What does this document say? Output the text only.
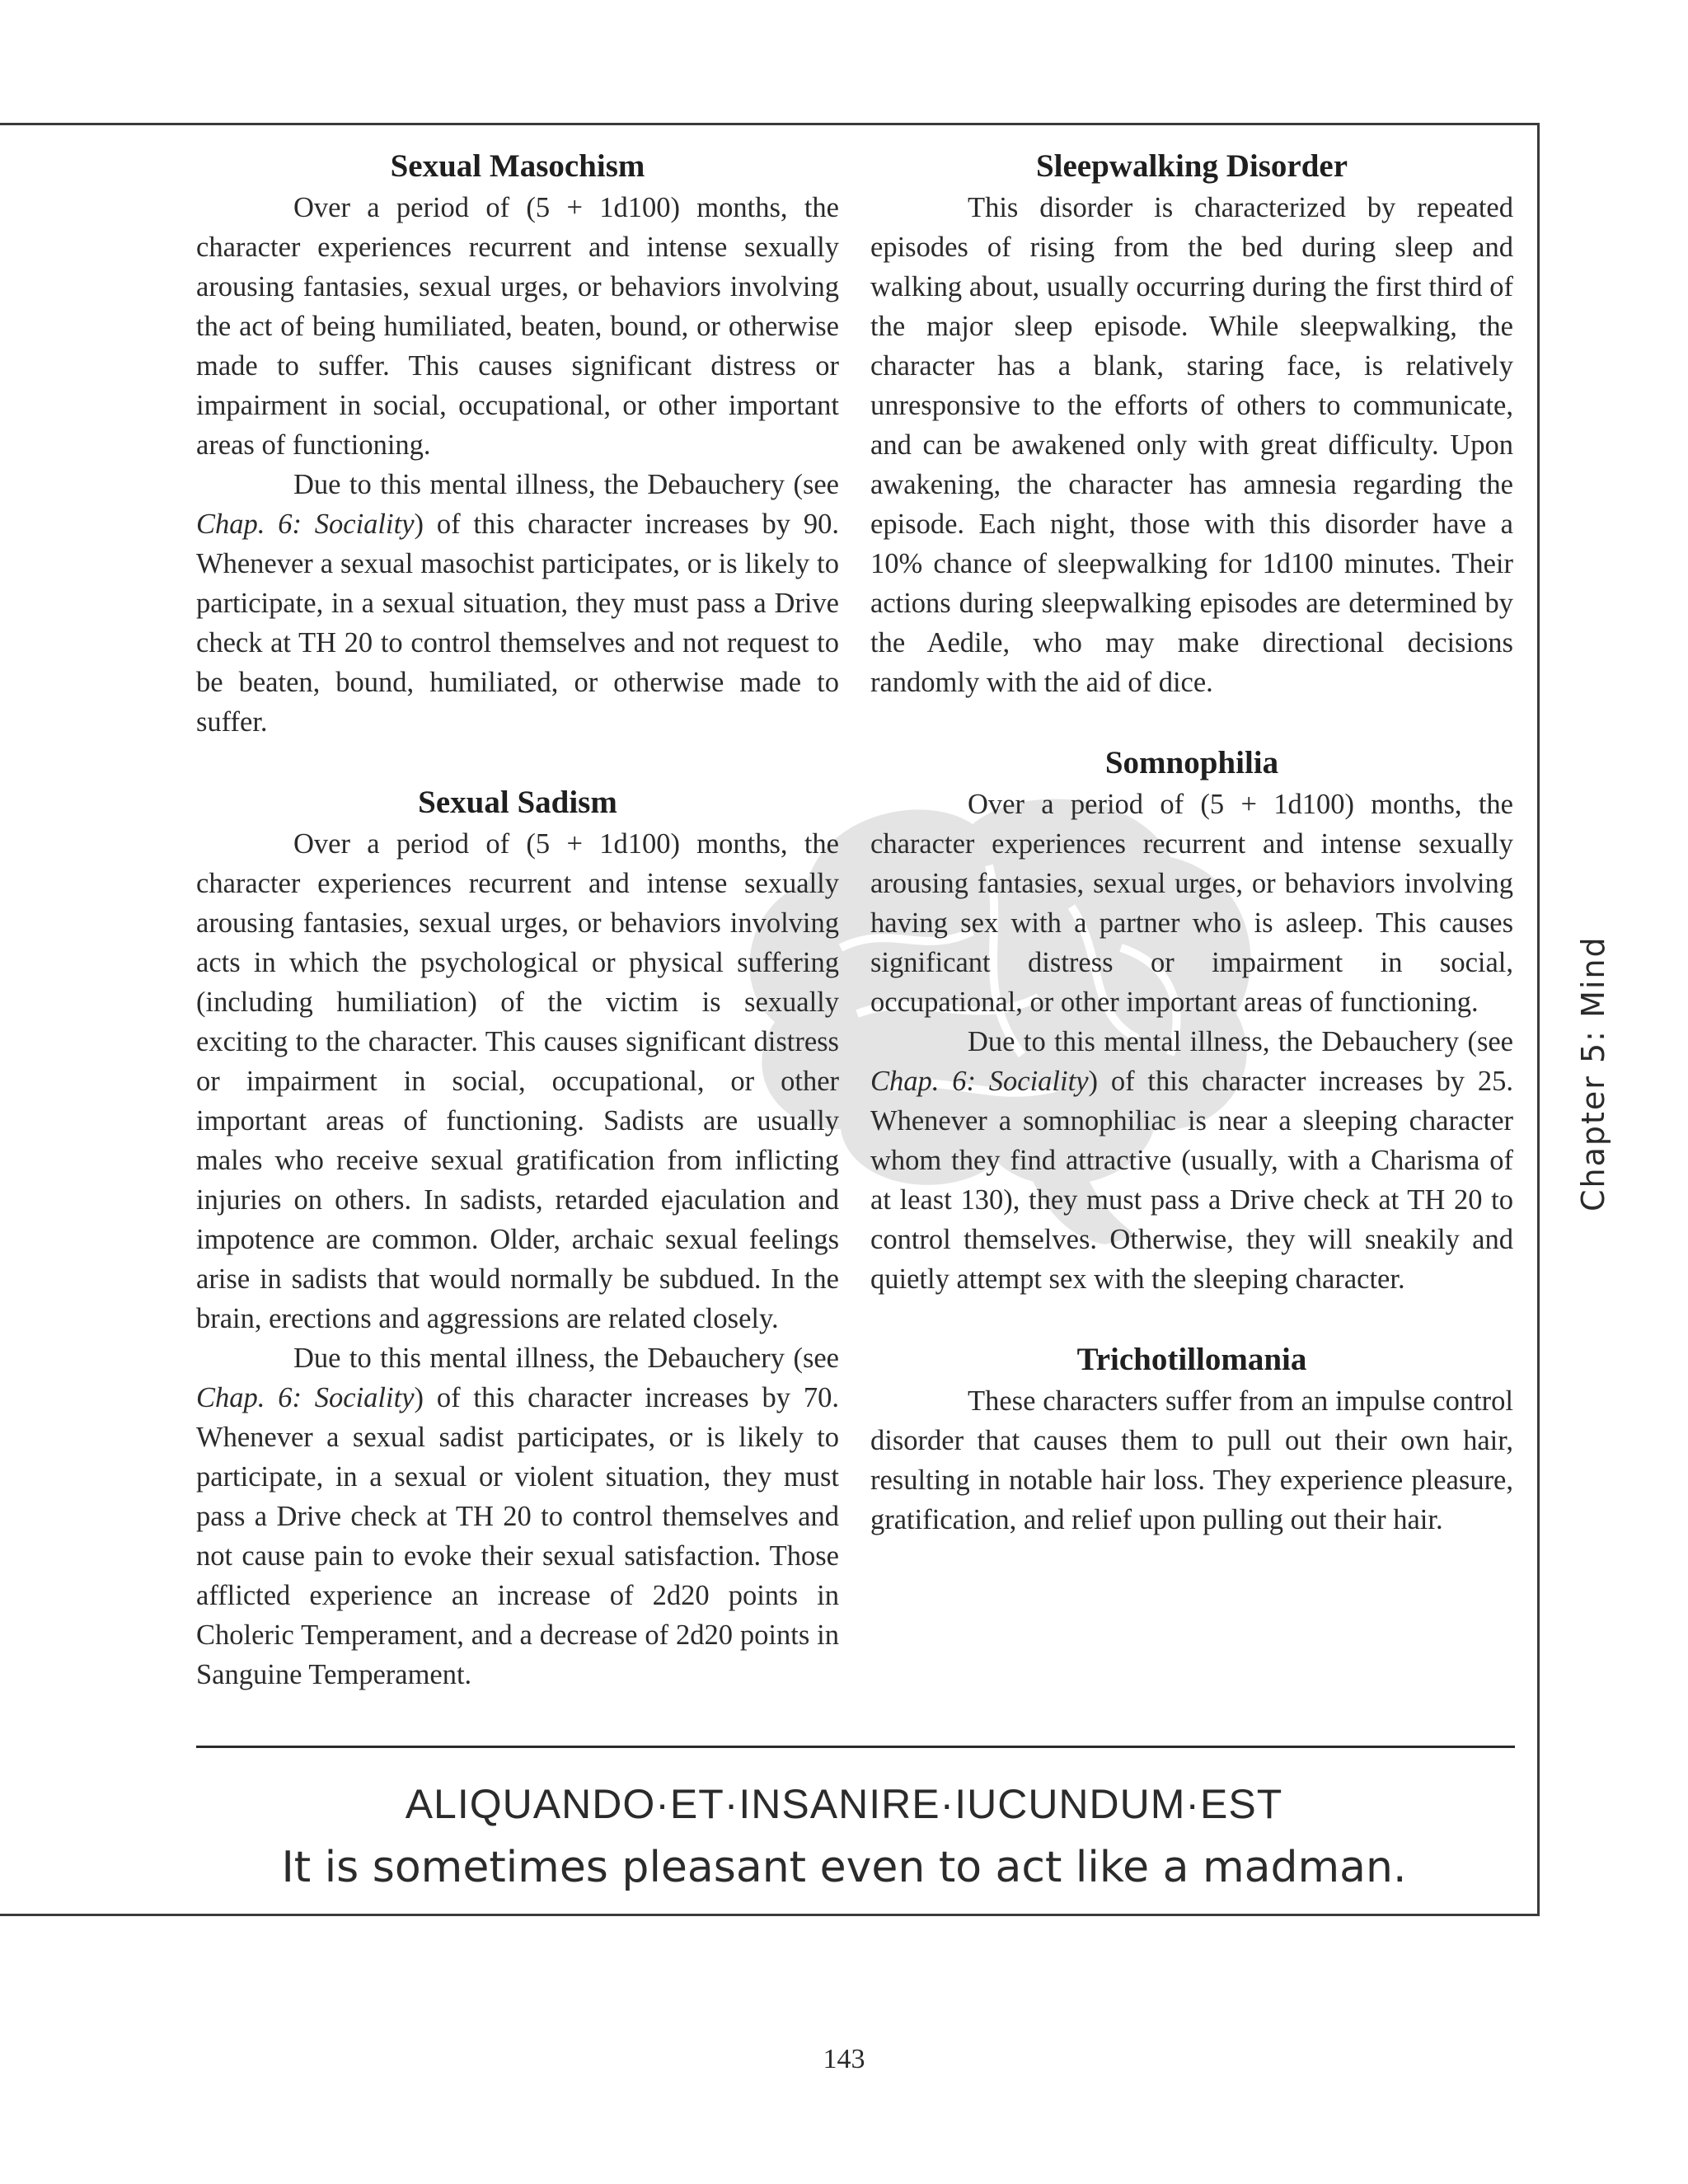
Sexual Masochism

Over a period of (5 + 1d100) months, the character experiences recurrent and intense sexually arousing fantasies, sexual urges, or behaviors involving the act of being humiliated, beaten, bound, or otherwise made to suffer. This causes significant distress or impairment in social, occupational, or other important areas of functioning.

Due to this mental illness, the Debauchery (see Chap. 6: Sociality) of this character increases by 90. Whenever a sexual masochist participates, or is likely to participate, in a sexual situation, they must pass a Drive check at TH 20 to control themselves and not request to be beaten, bound, humiliated, or otherwise made to suffer.

Sexual Sadism

Over a period of (5 + 1d100) months, the character experiences recurrent and intense sexually arousing fantasies, sexual urges, or behaviors involving acts in which the psychological or physical suffering (including humiliation) of the victim is sexually exciting to the character. This causes significant distress or impairment in social, occupational, or other important areas of functioning. Sadists are usually males who receive sexual gratification from inflicting injuries on others. In sadists, retarded ejaculation and impotence are common. Older, archaic sexual feelings arise in sadists that would normally be subdued. In the brain, erections and aggressions are related closely.

Due to this mental illness, the Debauchery (see Chap. 6: Sociality) of this character increases by 70. Whenever a sexual sadist participates, or is likely to participate, in a sexual or violent situation, they must pass a Drive check at TH 20 to control themselves and not cause pain to evoke their sexual satisfaction. Those afflicted experience an increase of 2d20 points in Choleric Temperament, and a decrease of 2d20 points in Sanguine Temperament.

Sleepwalking Disorder

This disorder is characterized by repeated episodes of rising from the bed during sleep and walking about, usually occurring during the first third of the major sleep episode. While sleepwalking, the character has a blank, staring face, is relatively unresponsive to the efforts of others to communicate, and can be awakened only with great difficulty. Upon awakening, the character has amnesia regarding the episode. Each night, those with this disorder have a 10% chance of sleepwalking for 1d100 minutes. Their actions during sleepwalking episodes are determined by the Aedile, who may make directional decisions randomly with the aid of dice.

Somnophilia

Over a period of (5 + 1d100) months, the character experiences recurrent and intense sexually arousing fantasies, sexual urges, or behaviors involving having sex with a partner who is asleep. This causes significant distress or impairment in social, occupational, or other important areas of functioning.

Due to this mental illness, the Debauchery (see Chap. 6: Sociality) of this character increases by 25. Whenever a somnophiliac is near a sleeping character whom they find attractive (usually, with a Charisma of at least 130), they must pass a Drive check at TH 20 to control themselves. Otherwise, they will sneakily and quietly attempt sex with the sleeping character.

Trichotillomania

These characters suffer from an impulse control disorder that causes them to pull out their own hair, resulting in notable hair loss. They experience pleasure, gratification, and relief upon pulling out their hair.

ALIQUANDO·ET·INSANIRE·IUCUNDUM·EST
It is sometimes pleasant even to act like a madman.
Chapter 5: Mind
143
